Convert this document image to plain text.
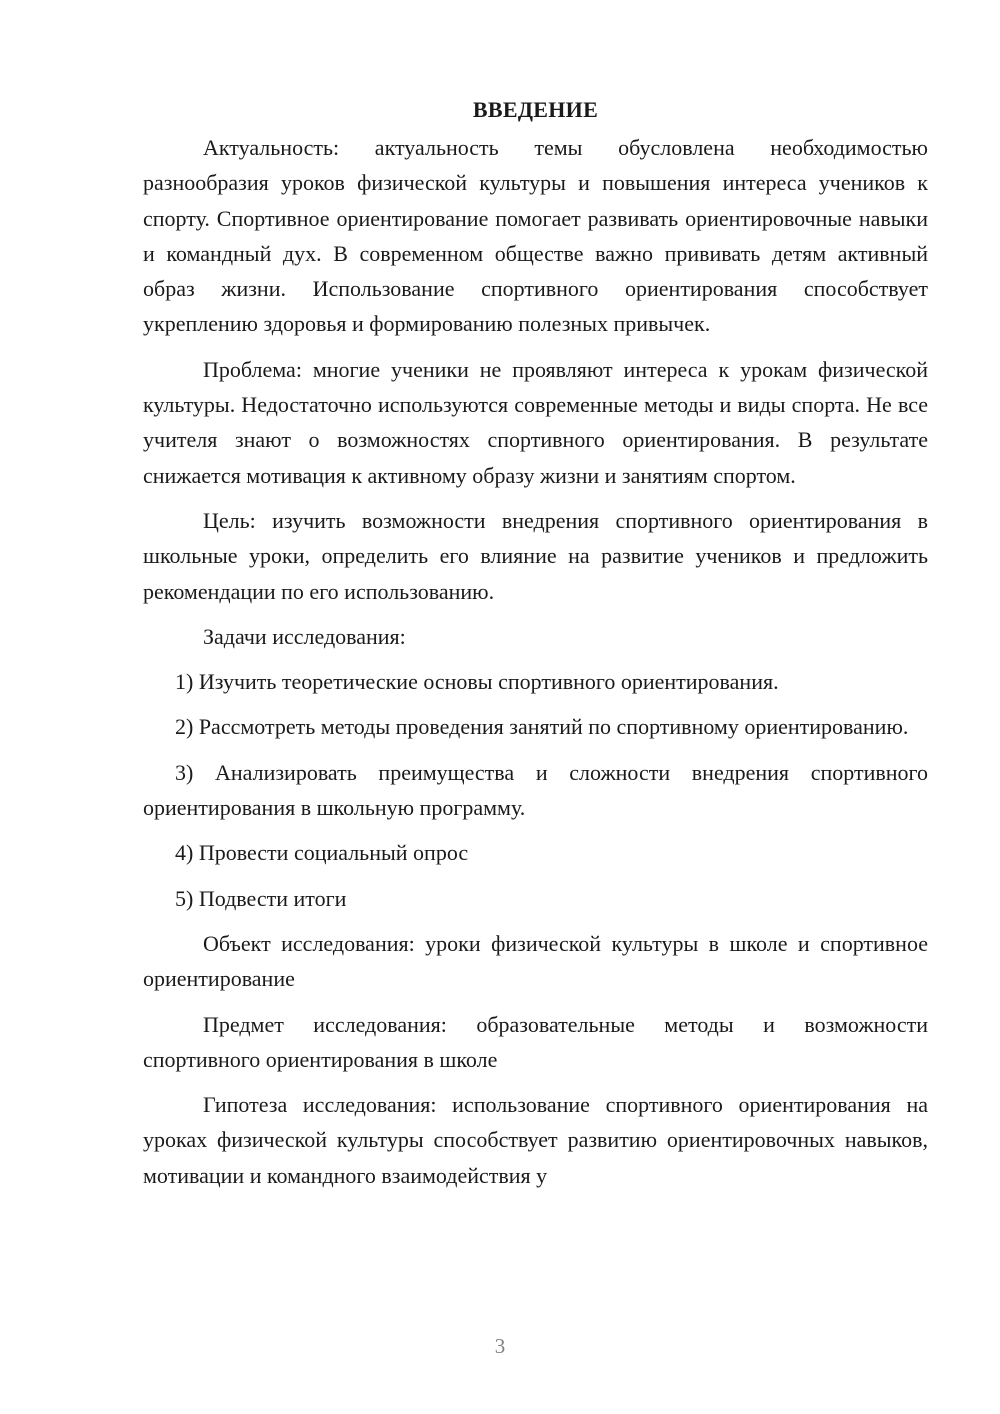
ВВЕДЕНИЕ

Актуальность: актуальность темы обусловлена необходимостью разнообразия уроков физической культуры и повышения интереса учеников к спорту. Спортивное ориентирование помогает развивать ориентировочные навыки и командный дух. В современном обществе важно прививать детям активный образ жизни. Использование спортивного ориентирования способствует укреплению здоровья и формированию полезных привычек.

Проблема: многие ученики не проявляют интереса к урокам физической культуры. Недостаточно используются современные методы и виды спорта. Не все учителя знают о возможностях спортивного ориентирования. В результате снижается мотивация к активному образу жизни и занятиям спортом.

Цель: изучить возможности внедрения спортивного ориентирования в школьные уроки, определить его влияние на развитие учеников и предложить рекомендации по его использованию.

Задачи исследования:

1) Изучить теоретические основы спортивного ориентирования.

2) Рассмотреть методы проведения занятий по спортивному ориентированию.

3) Анализировать преимущества и сложности внедрения спортивного ориентирования в школьную программу.

4) Провести социальный опрос

5) Подвести итоги

Объект исследования: уроки физической культуры в школе и спортивное ориентирование

Предмет исследования: образовательные методы и возможности спортивного ориентирования в школе

Гипотеза исследования: использование спортивного ориентирования на уроках физической культуры способствует развитию ориентировочных навыков, мотивации и командного взаимодействия у

3
